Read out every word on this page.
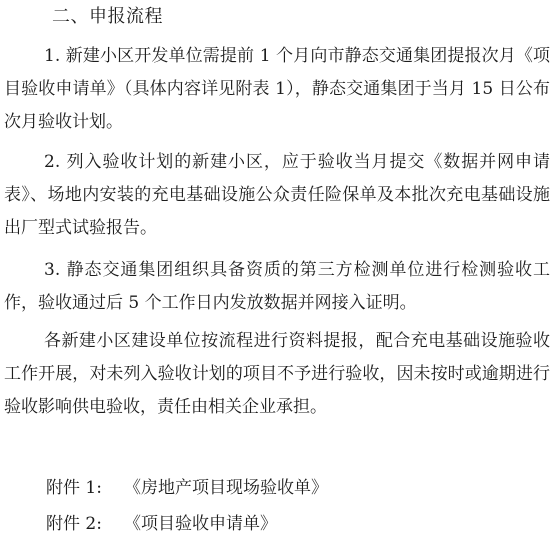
二、申报流程

1. 新建小区开发单位需提前 1 个月向市静态交通集团提报次月《项目验收申请单》（具体内容详见附表 1），静态交通集团于当月 15 日公布次月验收计划。

2. 列入验收计划的新建小区，应于验收当月提交《数据并网申请表》、场地内安装的充电基础设施公众责任险保单及本批次充电基础设施出厂型式试验报告。

3. 静态交通集团组织具备资质的第三方检测单位进行检测验收工作，验收通过后 5 个工作日内发放数据并网接入证明。

各新建小区建设单位按流程进行资料提报，配合充电基础设施验收工作开展，对未列入验收计划的项目不予进行验收，因未按时或逾期进行验收影响供电验收，责任由相关企业承担。

附件 1: 《房地产项目现场验收单》
附件 2: 《项目验收申请单》
